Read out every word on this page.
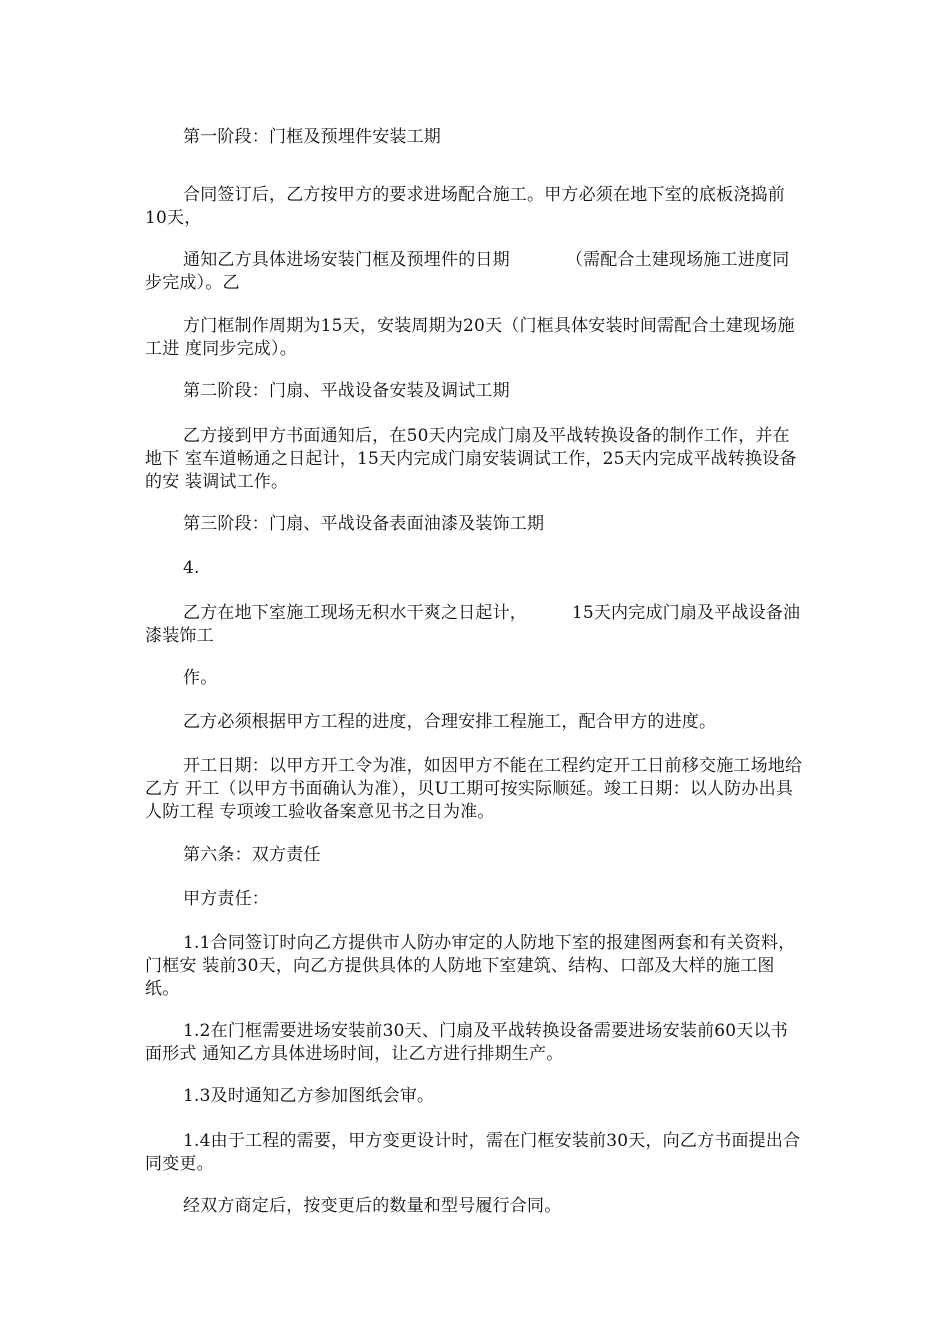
第一阶段：门框及预埋件安装工期

合同签订后，乙方按甲方的要求进场配合施工。甲方必须在地下室的底板浇捣前          10天，

通知乙方具体进场安装门框及预埋件的日期          （需配合土建现场施工进度同步完成）。乙

方门框制作周期为15天，安装周期为20天（门框具体安装时间需配合土建现场施工进 度同步完成）。

第二阶段：门扇、平战设备安装及调试工期

乙方接到甲方书面通知后，在50天内完成门扇及平战转换设备的制作工作，并在地下 室车道畅通之日起计，15天内完成门扇安装调试工作，25天内完成平战转换设备的安 装调试工作。

第三阶段：门扇、平战设备表面油漆及装饰工期

4.

乙方在地下室施工现场无积水干爽之日起计，        15天内完成门扇及平战设备油漆装饰工

作。

乙方必须根据甲方工程的进度，合理安排工程施工，配合甲方的进度。

开工日期：以甲方开工令为准，如因甲方不能在工程约定开工日前移交施工场地给乙方 开工（以甲方书面确认为准），贝U工期可按实际顺延。竣工日期：以人防办出具人防工程 专项竣工验收备案意见书之日为准。

第六条：双方责任

甲方责任：

1.1合同签订时向乙方提供市人防办审定的人防地下室的报建图两套和有关资料，门框安 装前30天，向乙方提供具体的人防地下室建筑、结构、口部及大样的施工图纸。

1.2在门框需要进场安装前30天、门扇及平战转换设备需要进场安装前60天以书面形式 通知乙方具体进场时间，让乙方进行排期生产。

1.3及时通知乙方参加图纸会审。

1.4由于工程的需要，甲方变更设计时，需在门框安装前30天，向乙方书面提出合同变更。

经双方商定后，按变更后的数量和型号履行合同。
